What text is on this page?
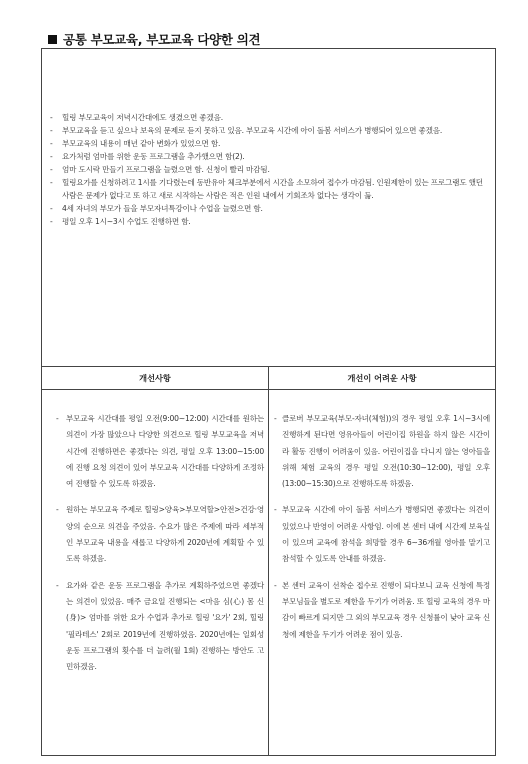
공통 부모교육, 부모교육 다양한 의견
- 힐링 부모교육이 저녁시간대에도 생겼으면 좋겠음.
- 부모교육을 듣고 싶으나 보육의 문제로 듣지 못하고 있음. 부모교육 시간에 아이 돌봄 서비스가 병행되어 있으면 좋겠음.
- 부모교육의 내용이 매년 같아 변화가 있었으면 함.
- 요가처럼 엄마를 위한 운동 프로그램을 추가했으면 함(2).
- 엄마 도시락 만들기 프로그램을 늘렸으면 함. 신청이 빨리 마감됨.
- 힐링요가를 신청하려고 1시를 기다렸는데 동반유아 체크부분에서 시간을 소모하여 접수가 마감됨. 인원제한이 있는 프로그램도 했던 사람은 문제가 없다고 또 하고 새로 시작하는 사람은 적은 인원 내에서 기회조차 없다는 생각이 듦.
- 4세 자녀의 부모가 들을 부모자녀특강이나 수업을 늘렸으면 함.
- 평일 오후 1시~3시 수업도 진행하면 함.
개선사항	개선이 어려운 사항
- 부모교육 시간대를 평일 오전(9:00~12:00) 시간대를 원하는 의견이 가장 많았으나 다양한 의견으로 힐링 부모교육을 저녁 시간에 진행하면은 좋겠다는 의견, 평일 오후 13:00~15:00에 진행 요청 의견이 있어 부모교육 시간대를 다양하게 조정하여 진행할 수 있도록 하겠음.
- 원하는 부모교육 주제로 힐링>양육>부모역할>안전>건강·영양의 순으로 의견을 주었음. 수요가 많은 주제에 따라 세부적인 부모교육 내용을 새롭고 다양하게 2020년에 계획할 수 있도록 하겠음.
- 요가와 같은 운동 프로그램을 추가로 계획하주었으면 좋겠다는 의견이 있었음. 매주 금요일 진행되는 <마음 심(心) 몸 신(身)> 엄마를 위한 요가 수업과 추가로 힐링 '요가' 2회, 힐링 '필라테스' 2회로 2019년에 진행하였음. 2020년에는 일회성 운동 프로그램의 횟수를 더 늘려(월 1회) 진행하는 방안도 고민하겠음.
- 클로버 부모교육(부모-자녀(체험))의 경우 평일 오후 1시~3시에 진행하게 된다면 영유아들이 어린이집 하원을 하지 않은 시간이라 활동 진행이 어려움이 있음. 어린이집을 다니지 않는 영아들을 위해 체험 교육의 경우 평일 오전(10:30~12:00), 평일 오후(13:00~15:30)으로 진행하도록 하겠음.
- 부모교육 시간에 아이 돌봄 서비스가 병행되면 좋겠다는 의견이 있었으나 반영이 어려운 사항임. 이에 본 센터 내에 시간제 보육실이 있으며 교육에 참석을 희망할 경우 6~36개월 영아를 맡기고 참석할 수 있도록 안내를 하겠음.
- 본 센터 교육이 선착순 접수로 진행이 되다보니 교육 신청에 특정 부모님들을 별도로 제한을 두기가 어려움. 또 힐링 교육의 경우 마감이 빠르게 되지만 그 외의 부모교육 경우 신청률이 낮아 교육 신청에 제한을 두기가 어려운 점이 있음.
